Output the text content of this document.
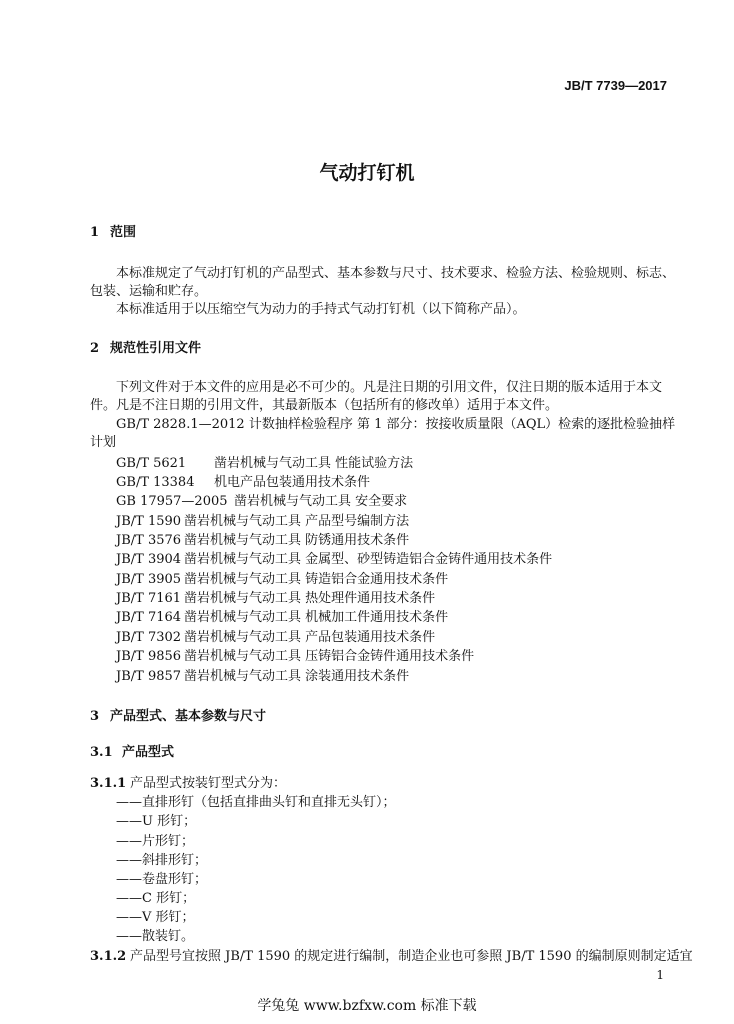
JB/T 7739—2017
气动打钉机
1 范围
本标准规定了气动打钉机的产品型式、基本参数与尺寸、技术要求、检验方法、检验规则、标志、
包装、运输和贮存。
本标准适用于以压缩空气为动力的手持式气动打钉机（以下简称产品）。
2 规范性引用文件
下列文件对于本文件的应用是必不可少的。凡是注日期的引用文件，仅注日期的版本适用于本文
件。凡是不注日期的引用文件，其最新版本（包括所有的修改单）适用于本文件。
GB/T 2828.1—2012 计数抽样检验程序 第 1 部分：按接收质量限（AQL）检索的逐批检验抽样
计划
GB/T 5621 凿岩机械与气动工具 性能试验方法
GB/T 13384 机电产品包装通用技术条件
GB 17957—2005 凿岩机械与气动工具 安全要求
JB/T 1590 凿岩机械与气动工具 产品型号编制方法
JB/T 3576 凿岩机械与气动工具 防锈通用技术条件
JB/T 3904 凿岩机械与气动工具 金属型、砂型铸造铝合金铸件通用技术条件
JB/T 3905 凿岩机械与气动工具 铸造铝合金通用技术条件
JB/T 7161 凿岩机械与气动工具 热处理件通用技术条件
JB/T 7164 凿岩机械与气动工具 机械加工件通用技术条件
JB/T 7302 凿岩机械与气动工具 产品包装通用技术条件
JB/T 9856 凿岩机械与气动工具 压铸铝合金铸件通用技术条件
JB/T 9857 凿岩机械与气动工具 涂装通用技术条件
3 产品型式、基本参数与尺寸
3.1 产品型式
3.1.1 产品型式按装钉型式分为：
——直排形钉（包括直排曲头钉和直排无头钉）；
——U 形钉；
——片形钉；
——斜排形钉；
——卷盘形钉；
——C 形钉；
——V 形钉；
——散装钉。
3.1.2 产品型号宜按照 JB/T 1590 的规定进行编制，制造企业也可参照 JB/T 1590 的编制原则制定适宜
1
学兔兔 www.bzfxw.com 标准下载
